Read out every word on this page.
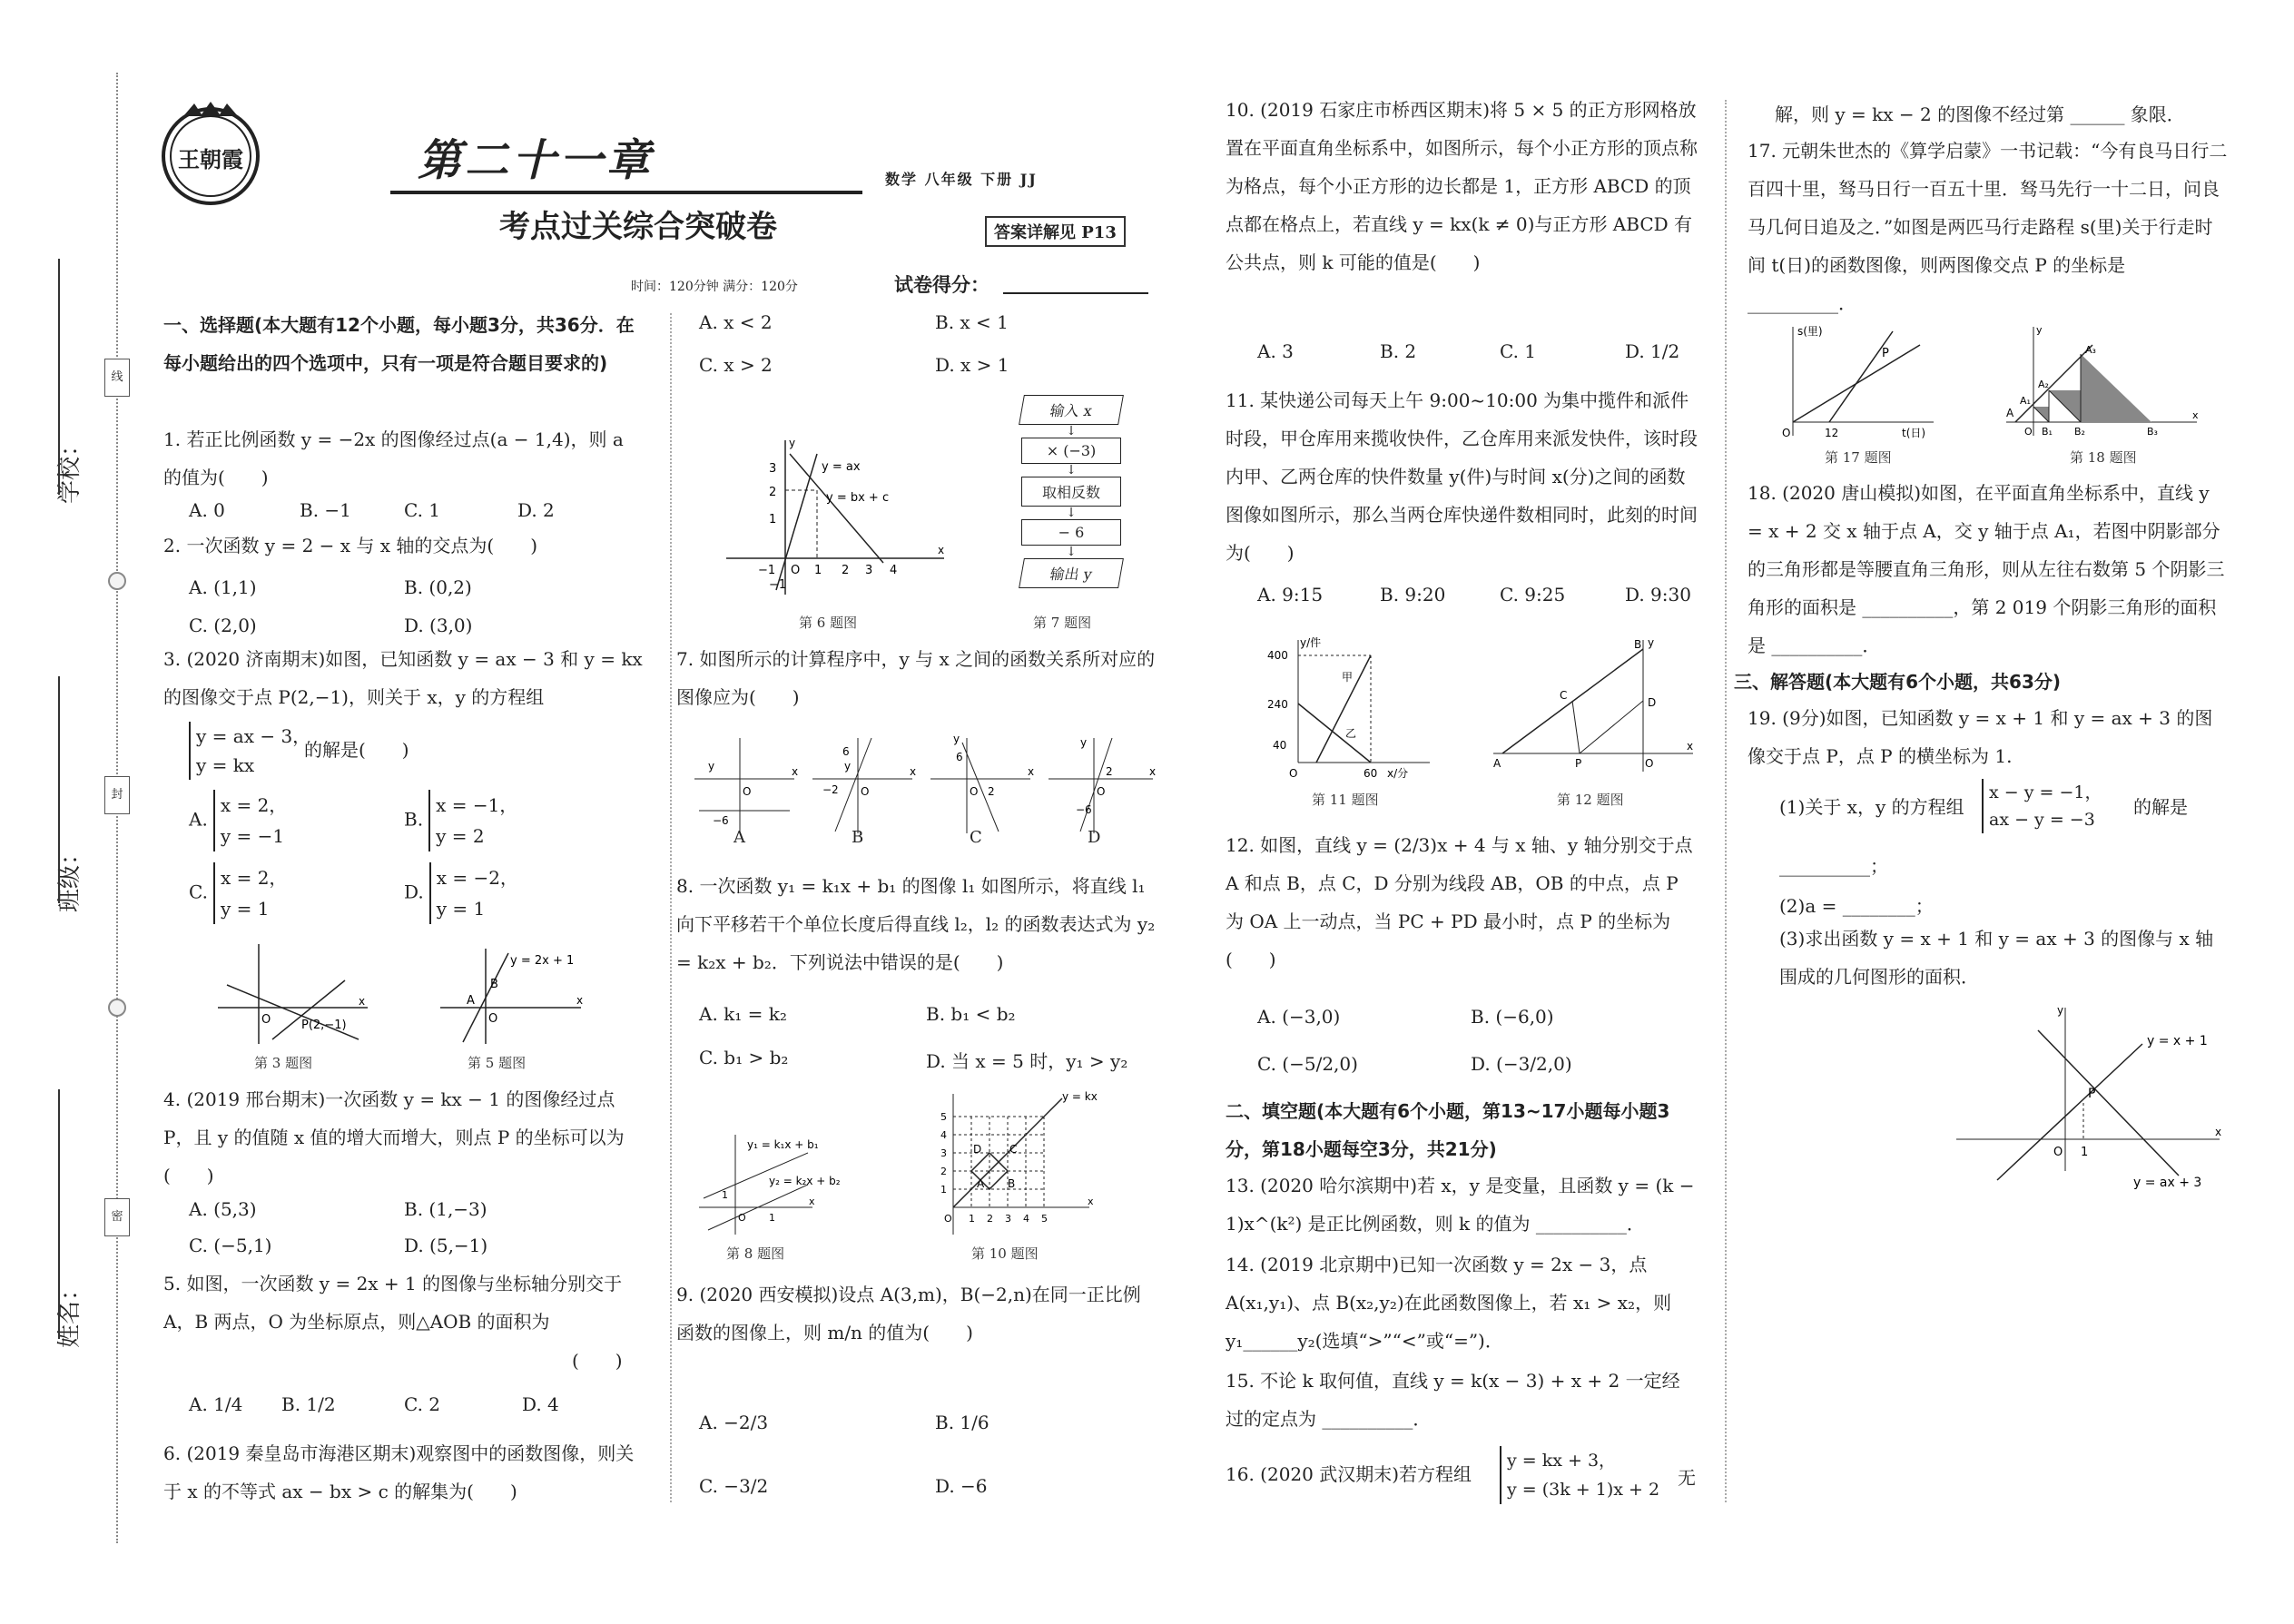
学校：
班级：
姓名：
线
封
密
王朝霞	第二十一章
考点过关综合突破卷
数学 八年级 下册 JJ
答案详解见 P13
时间：120分钟 满分：120分	试卷得分：
一、选择题(本大题有12个小题，每小题3分，共36分．在每小题给出的四个选项中，只有一项是符合题目要求的)
1. 若正比例函数 y = −2x 的图像经过点(a − 1,4)，则 a 的值为(　　)
A. 0	B. −1	C. 1	D. 2
2. 一次函数 y = 2 − x 与 x 轴的交点为(　　)
A. (1,1)	B. (0,2)
C. (2,0)	D. (3,0)
3. (2020 济南期末)如图，已知函数 y = ax − 3 和 y = kx 的图像交于点 P(2,−1)，则关于 x，y 的方程组
y = ax − 3，
y = kx
的解是(　　)
A.
x = 2，
y = −1
B.
x = −1，
y = 2
C.
x = 2，
y = 1
D.
x = −2，
y = 1
O	P(2,−1)
x
y = 2x + 1
B
A
O
x
第 3 题图	第 5 题图
4. (2019 邢台期末)一次函数 y = kx − 1 的图像经过点 P，且 y 的值随 x 值的增大而增大，则点 P 的坐标可以为(　　)
A. (5,3)	B. (1,−3)
C. (−5,1)	D. (5,−1)
5. 如图，一次函数 y = 2x + 1 的图像与坐标轴分别交于 A，B 两点，O 为坐标原点，则△AOB 的面积为
(　　)
A. 1/4 B. 1/2	C. 2	D. 4
6. (2019 秦皇岛市海港区期末)观察图中的函数图像，则关于 x 的不等式 ax − bx > c 的解集为(　　)
A. x < 2	B. x < 1
C. x > 2	D. x > 1
y = ax
y = bx + c
3
2
1
−1 O 1 2 3 4
−1
x
y
输入 x
↓
× (−3)
↓
取相反数
↓
− 6
↓
输出 y
第 6 题图	第 7 题图
7. 如图所示的计算程序中，y 与 x 之间的函数关系所对应的图像应为(　　)
y
O
−6
x	y
O
−2
6
x
y
6
O 2
x
y
O
2
−6
x
A	B	C	D
8. 一次函数 y₁ = k₁x + b₁ 的图像 l₁ 如图所示，将直线 l₁ 向下平移若干个单位长度后得直线 l₂，l₂ 的函数表达式为 y₂ = k₂x + b₂．下列说法中错误的是(　　)
A. k₁ = k₂	B. b₁ < b₂
C. b₁ > b₂	D. 当 x = 5 时，y₁ > y₂
y₁ = k₁x + b₁
y₂ = k₂x + b₂
1
O 1
x
y = kx
A B
C
D
5
4
3
2
1
O 1 2 3 4 5
x
第 8 题图	第 10 题图
9. (2020 西安模拟)设点 A(3,m)，B(−2,n)在同一正比例函数的图像上，则 m/n 的值为(　　)
A. −2/3	B. 1/6
C. −3/2	D. −6
10. (2019 石家庄市桥西区期末)将 5 × 5 的正方形网格放置在平面直角坐标系中，如图所示，每个小正方形的顶点称为格点，每个小正方形的边长都是 1，正方形 ABCD 的顶点都在格点上，若直线 y = kx(k ≠ 0)与正方形 ABCD 有公共点，则 k 可能的值是(　　)
A. 3	B. 2	C. 1	D. 1/2
11. 某快递公司每天上午 9:00~10:00 为集中揽件和派件时段，甲仓库用来揽收快件，乙仓库用来派发快件，该时段内甲、乙两仓库的快件数量 y(件)与时间 x(分)之间的函数图像如图所示，那么当两仓库快递件数相同时，此刻的时间为(　　)
A. 9:15	B. 9:20	C. 9:25	D. 9:30
y/件
甲
乙
400
240
40
O	60 x/分
A	P	O
C
D
B
x
y
第 11 题图	第 12 题图
12. 如图，直线 y = (2/3)x + 4 与 x 轴、y 轴分别交于点 A 和点 B，点 C，D 分别为线段 AB，OB 的中点，点 P 为 OA 上一动点，当 PC + PD 最小时，点 P 的坐标为(　　)
A. (−3,0)	B. (−6,0)
C. (−5/2,0)	D. (−3/2,0)
二、填空题(本大题有6个小题，第13~17小题每小题3分，第18小题每空3分，共21分)
13. (2020 哈尔滨期中)若 x，y 是变量，且函数 y = (k − 1)x^(k²) 是正比例函数，则 k 的值为 __________．
14. (2019 北京期中)已知一次函数 y = 2x − 3，点 A(x₁,y₁)、点 B(x₂,y₂)在此函数图像上，若 x₁ > x₂，则 y₁______y₂(选填“>”“<”或“=”)．
15. 不论 k 取何值，直线 y = k(x − 3) + x + 2 一定经过的定点为 __________．
16. (2020 武汉期末)若方程组
y = kx + 3，
y = (3k + 1)x + 2
无
解，则 y = kx − 2 的图像不经过第 ______ 象限．
17. 元朝朱世杰的《算学启蒙》一书记载：“今有良马日行二百四十里，驽马日行一百五十里．驽马先行一十二日，问良马几何日追及之．”如图是两匹马行走路程 s(里)关于行走时间 t(日)的函数图像，则两图像交点 P 的坐标是 __________．
s(里)
P
O	12	t(日)
A
A₁
A₂
A₃
O B₁ B₂	B₃
y
x
第 17 题图	第 18 题图
18. (2020 唐山模拟)如图，在平面直角坐标系中，直线 y = x + 2 交 x 轴于点 A，交 y 轴于点 A₁，若图中阴影部分的三角形都是等腰直角三角形，则从左往右数第 5 个阴影三角形的面积是 __________，第 2 019 个阴影三角形的面积是 __________．
三、解答题(本大题有6个小题，共63分)
19. (9分)如图，已知函数 y = x + 1 和 y = ax + 3 的图像交于点 P，点 P 的横坐标为 1.
(1)关于 x，y 的方程组
x − y = −1，
ax − y = −3
的解是
__________；
(2)a = ________；
(3)求出函数 y = x + 1 和 y = ax + 3 的图像与 x 轴围成的几何图形的面积．
y = x + 1
y = ax + 3
P
O 1
x
y
